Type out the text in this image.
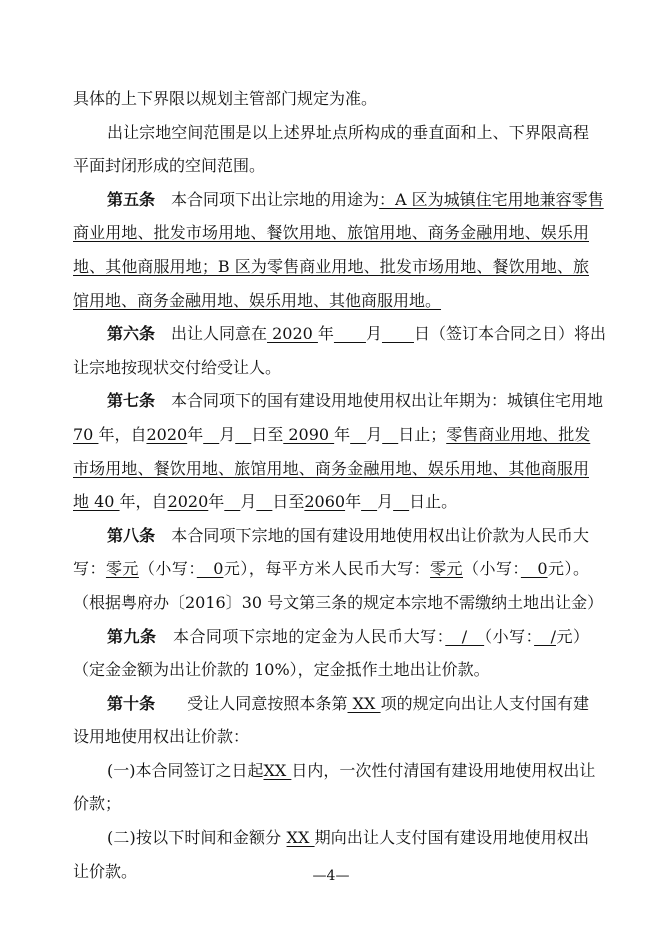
具体的上下界限以规划主管部门规定为准。
出让宗地空间范围是以上述界址点所构成的垂直面和上、下界限高程
平面封闭形成的空间范围。
第五条　本合同项下出让宗地的用途为：A 区为城镇住宅用地兼容零售
商业用地、批发市场用地、餐饮用地、旅馆用地、商务金融用地、娱乐用
地、其他商服用地；B 区为零售商业用地、批发市场用地、餐饮用地、旅
馆用地、商务金融用地、娱乐用地、其他商服用地。
第六条　出让人同意在 2020 年　　 月　　 日（签订本合同之日）将出
让宗地按现状交付给受让人。
第七条　本合同项下的国有建设用地使用权出让年期为：城镇住宅用地
70 年，自2020年　 月　 日至 2090 年　 月　 日止；零售商业用地、批发
市场用地、餐饮用地、旅馆用地、商务金融用地、娱乐用地、其他商服用
地 40 年，自2020年　 月　 日至2060年　 月　 日止。
第八条　本合同项下宗地的国有建设用地使用权出让价款为人民币大
写：零元（小写：　0元），每平方米人民币大写：零元（小写：　0元）。
（根据粤府办〔2016〕30 号文第三条的规定本宗地不需缴纳土地出让金）
第九条　本合同项下宗地的定金为人民币大写：　/　（小写：　/元）
（定金金额为出让价款的 10%），定金抵作土地出让价款。
第十条　　受让人同意按照本条第 XX 项的规定向出让人支付国有建
设用地使用权出让价款：
(一)本合同签订之日起XX 日内，一次性付清国有建设用地使用权出让
价款；
(二)按以下时间和金额分 XX 期向出让人支付国有建设用地使用权出
让价款。	—4—
